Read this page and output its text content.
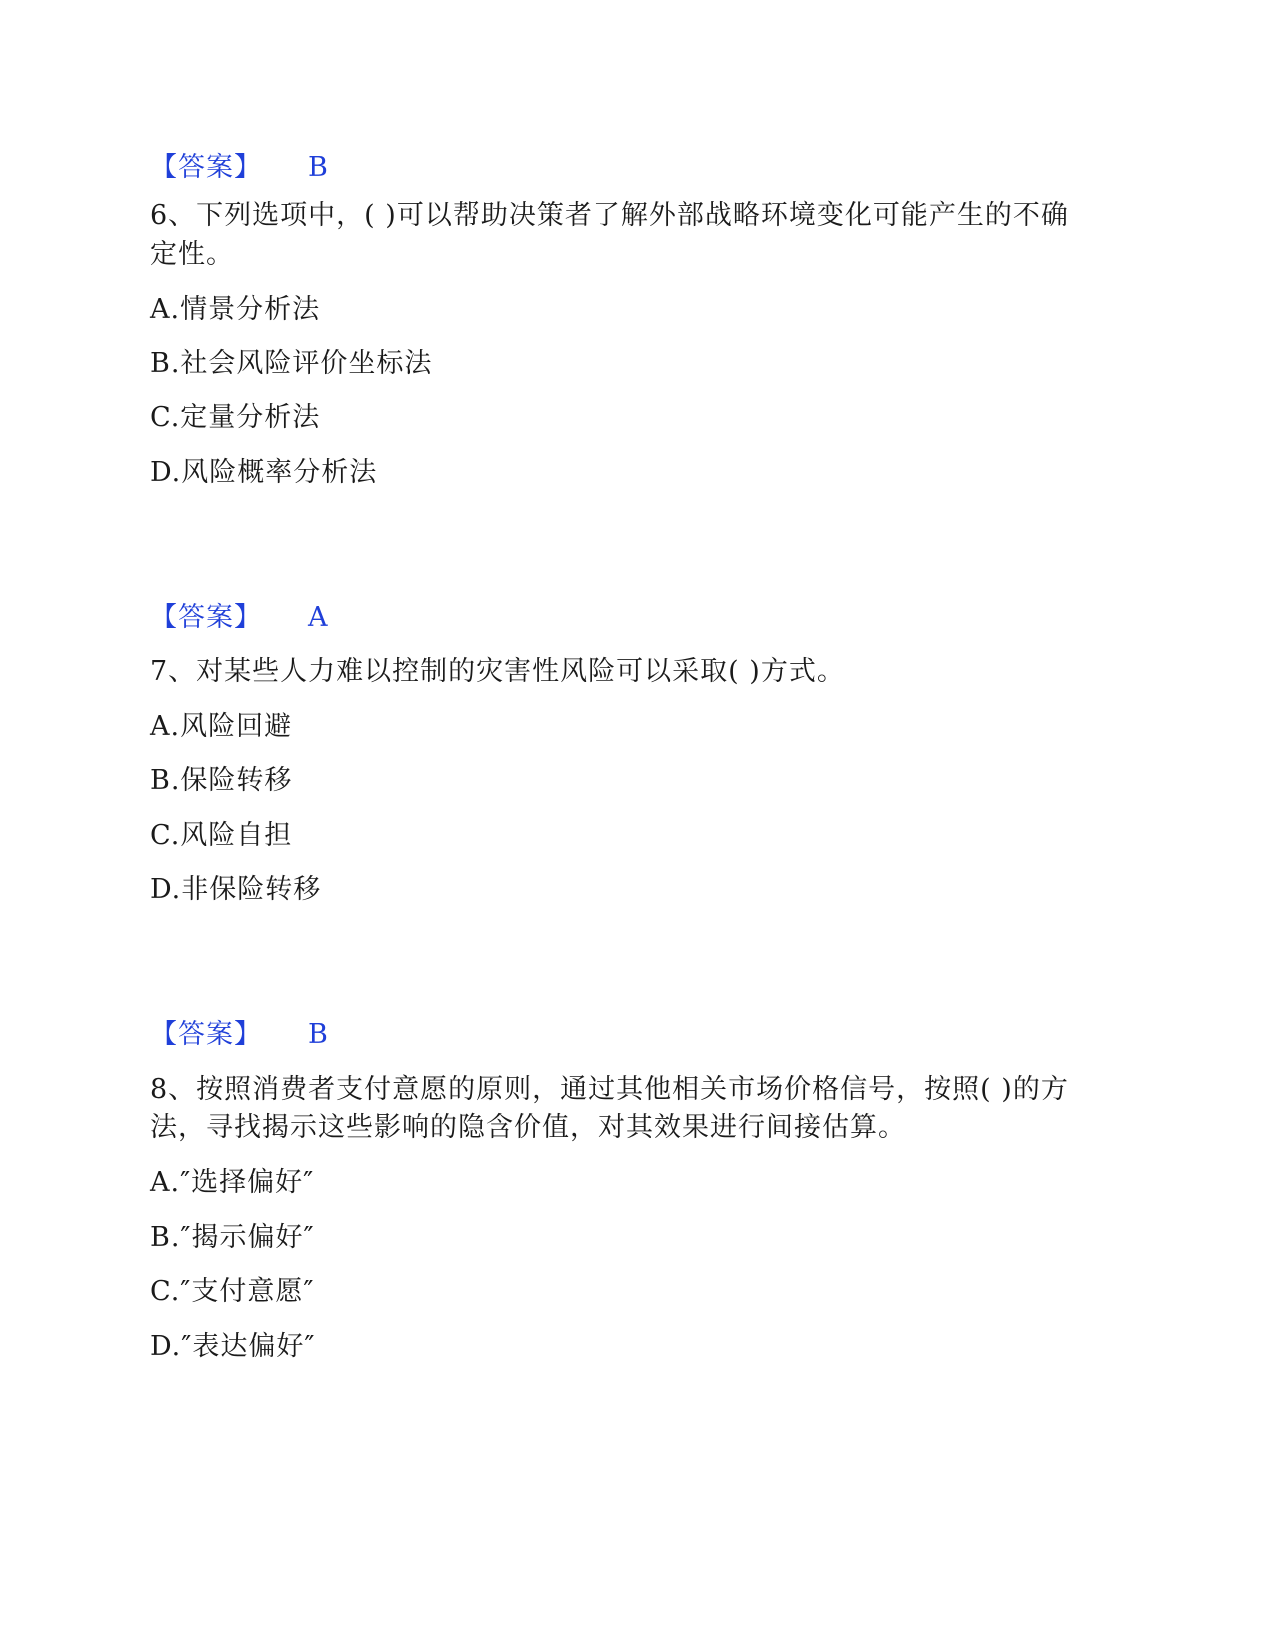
【答案】 B
6、下列选项中，( )可以帮助决策者了解外部战略环境变化可能产生的不确
定性。
A.情景分析法
B.社会风险评价坐标法
C.定量分析法
D.风险概率分析法
【答案】 A
7、对某些人力难以控制的灾害性风险可以采取( )方式。
A.风险回避
B.保险转移
C.风险自担
D.非保险转移
【答案】 B
8、按照消费者支付意愿的原则，通过其他相关市场价格信号，按照( )的方
法，寻找揭示这些影响的隐含价值，对其效果进行间接估算。
A.″选择偏好″
B.″揭示偏好″
C.″支付意愿″
D.″表达偏好″
